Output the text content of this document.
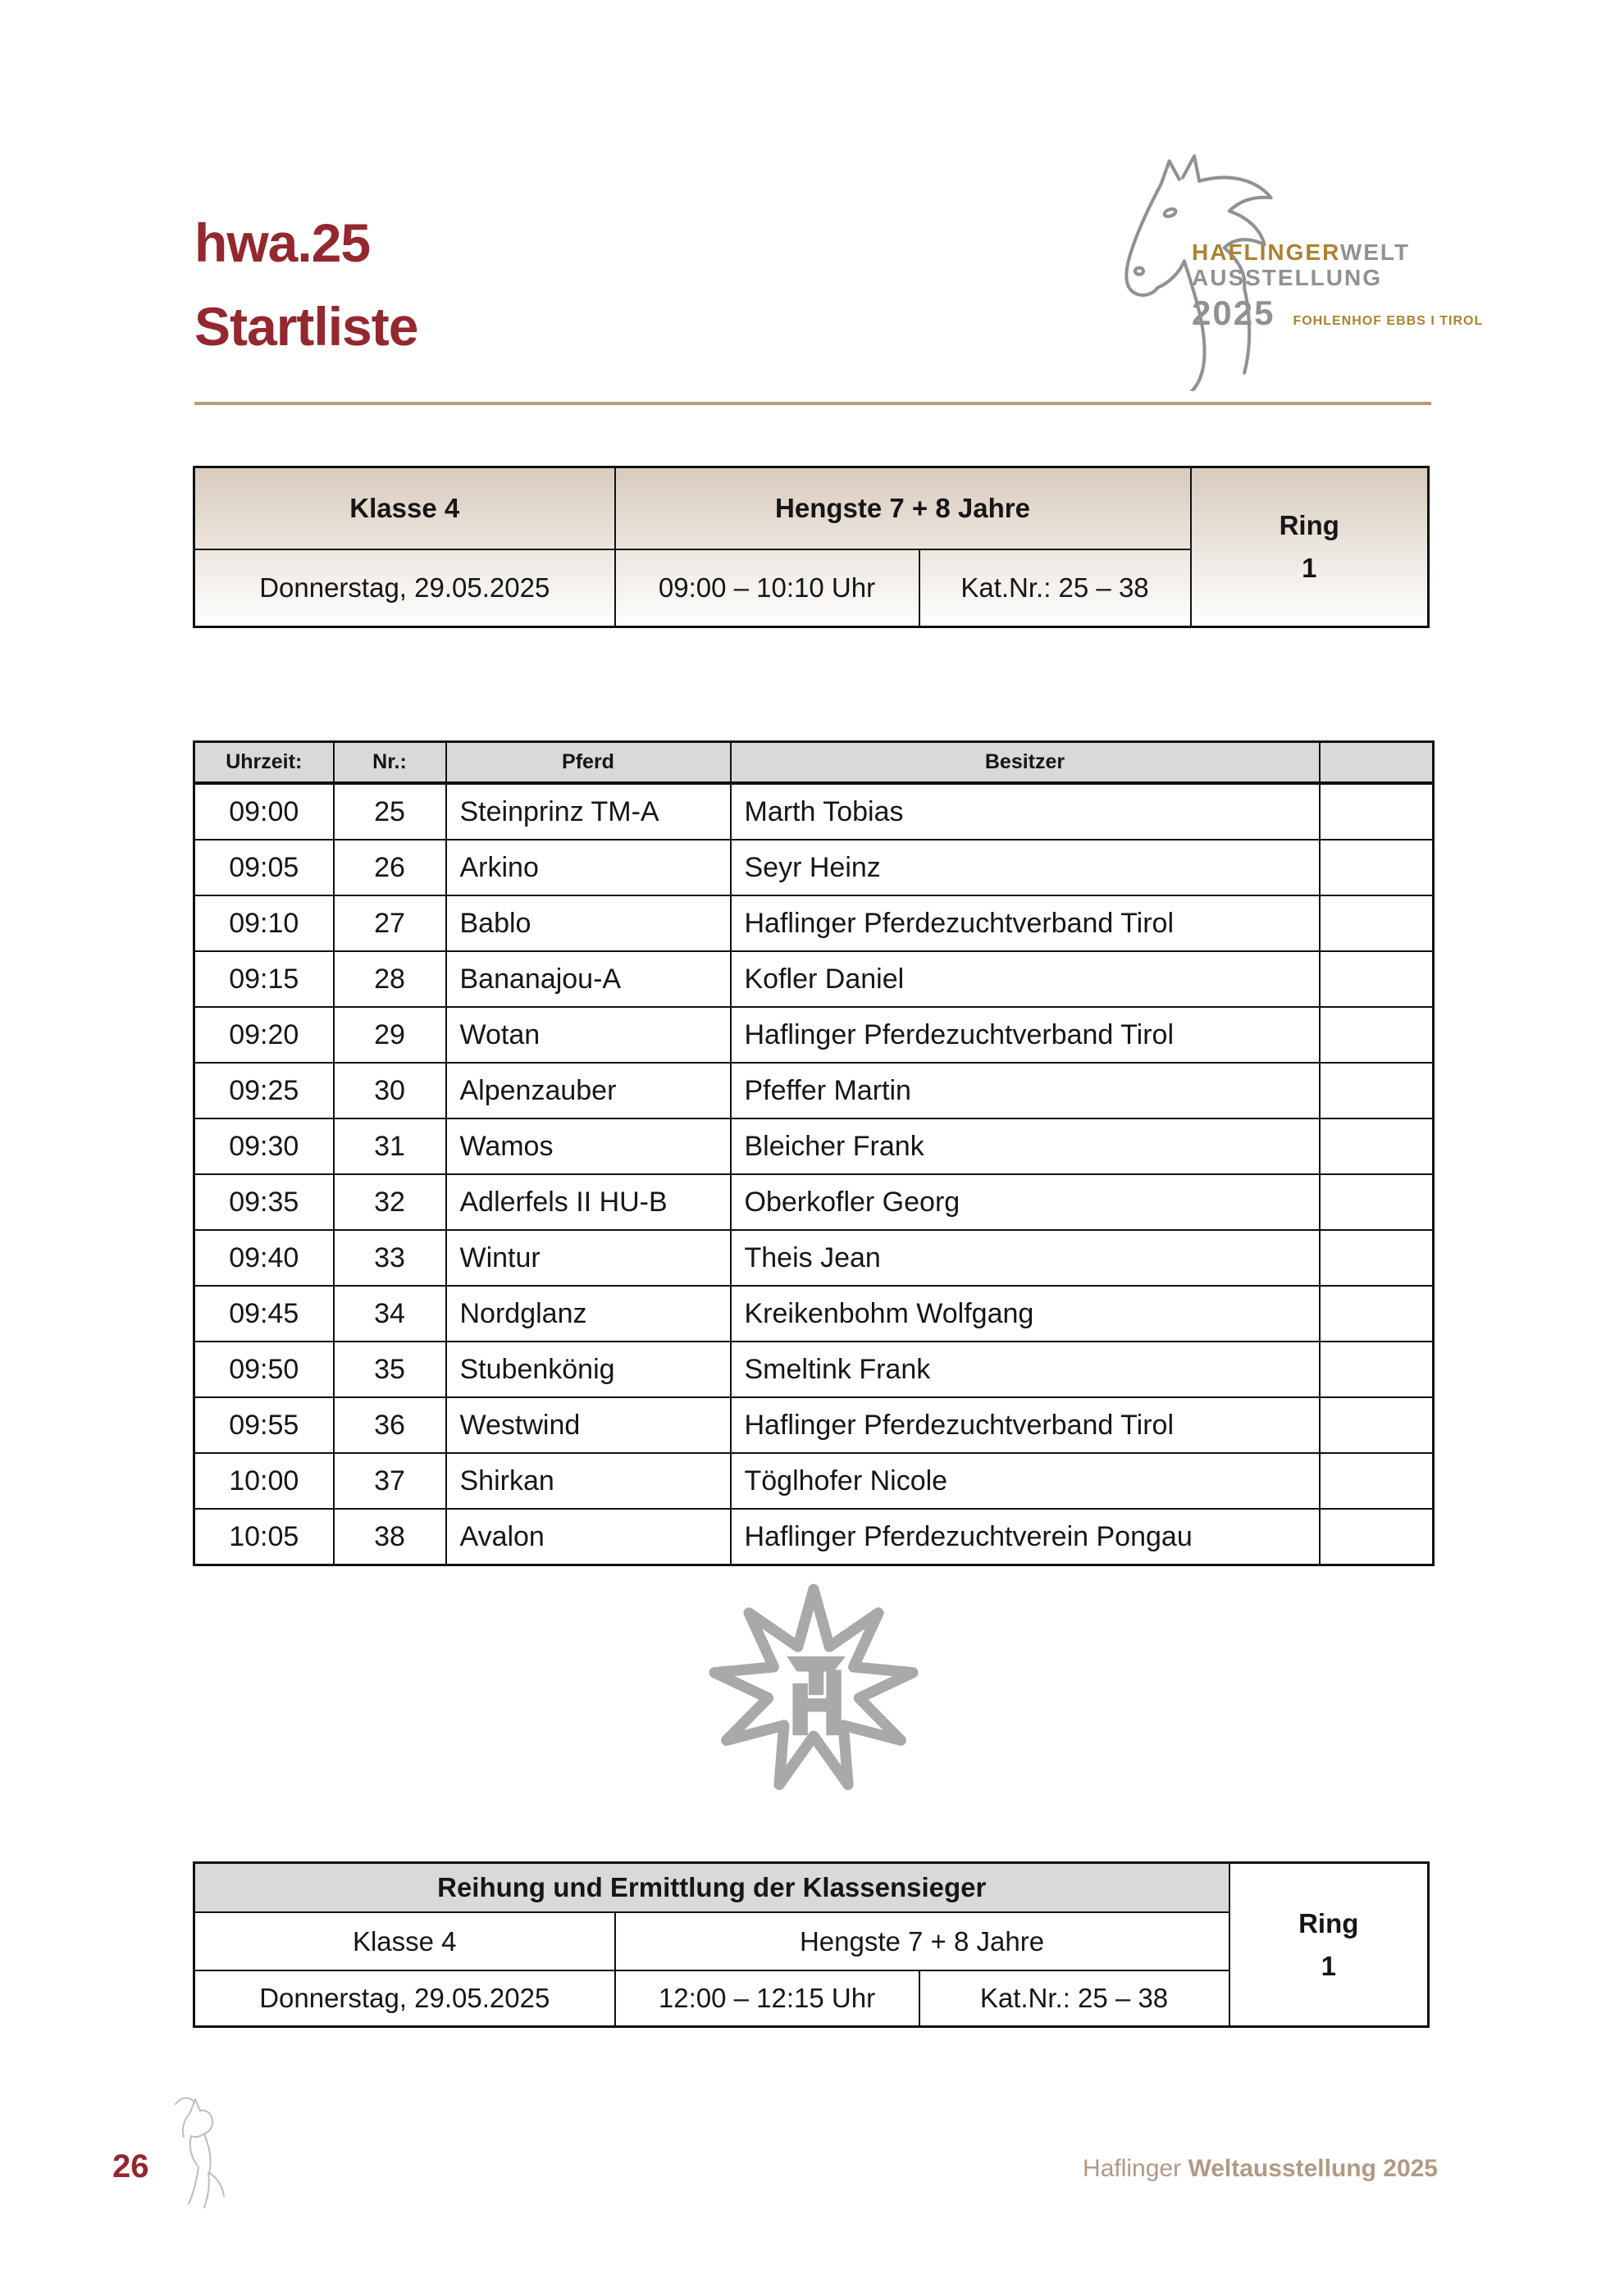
hwa.25
Startliste
HAFLINGERWELT
AUSSTELLUNG
2025 FOHLENHOF EBBS I TIROL
Klasse 4	Hengste 7 + 8 Jahre		Ring
1

Donnerstag, 29.05.2025	09:00 – 10:10 Uhr	Kat.Nr.: 25 – 38	
Uhrzeit:	Nr.:	Pferd	Besitzer	
09:00	25	Steinprinz TM-A	Marth Tobias	
09:05	26	Arkino	Seyr Heinz	
09:10	27	Bablo	Haflinger Pferdezuchtverband Tirol	
09:15	28	Bananajou-A	Kofler Daniel	
09:20	29	Wotan	Haflinger Pferdezuchtverband Tirol	
09:25	30	Alpenzauber	Pfeffer Martin	
09:30	31	Wamos	Bleicher Frank	
09:35	32	Adlerfels II HU-B	Oberkofler Georg	
09:40	33	Wintur	Theis Jean	
09:45	34	Nordglanz	Kreikenbohm Wolfgang	
09:50	35	Stubenkönig	Smeltink Frank	
09:55	36	Westwind	Haflinger Pferdezuchtverband Tirol	
10:00	37	Shirkan	Töglhofer Nicole	
10:05	38	Avalon	Haflinger Pferdezuchtverein Pongau	
Reihung und Ermittlung der Klassensieger			Ring
1

Klasse 4	Hengste 7 + 8 Jahre		
Donnerstag, 29.05.2025	12:00 – 12:15 Uhr	Kat.Nr.: 25 – 38	
26	Haflinger Weltausstellung 2025
